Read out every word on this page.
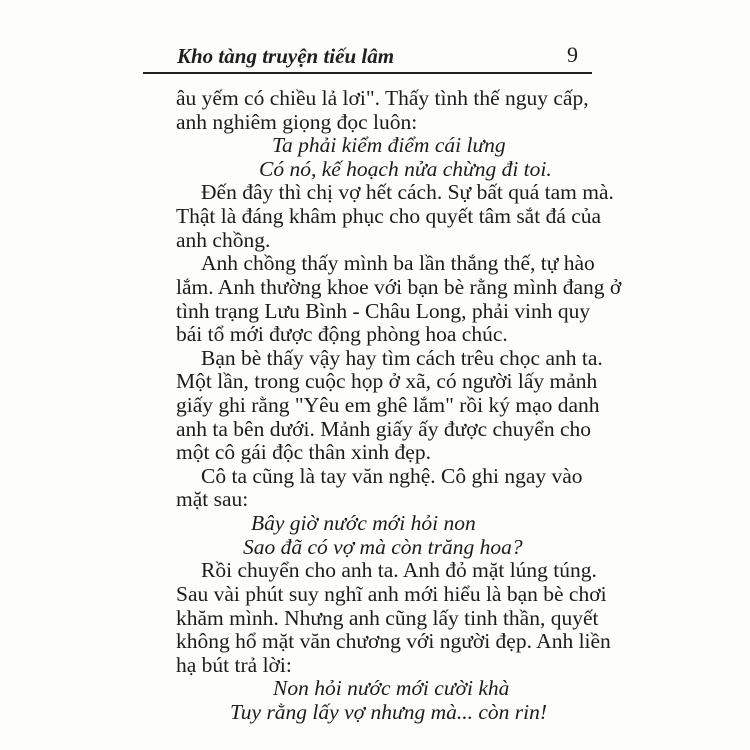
Kho tàng truyện tiếu lâm	9
âu yếm có chiều lả lơi". Thấy tình thế nguy cấp,
anh nghiêm giọng đọc luôn:
Ta phải kiểm điểm cái lưng
Có nó, kế hoạch nửa chừng đi toi.
Đến đây thì chị vợ hết cách. Sự bất quá tam mà.
Thật là đáng khâm phục cho quyết tâm sắt đá của
anh chồng.
Anh chồng thấy mình ba lần thắng thế, tự hào
lắm. Anh thường khoe với bạn bè rằng mình đang ở
tình trạng Lưu Bình - Châu Long, phải vinh quy
bái tổ mới được động phòng hoa chúc.
Bạn bè thấy vậy hay tìm cách trêu chọc anh ta.
Một lần, trong cuộc họp ở xã, có người lấy mảnh
giấy ghi rằng "Yêu em ghê lắm" rồi ký mạo danh
anh ta bên dưới. Mảnh giấy ấy được chuyển cho
một cô gái độc thân xinh đẹp.
Cô ta cũng là tay văn nghệ. Cô ghi ngay vào
mặt sau:
Bây giờ nước mới hỏi non
Sao đã có vợ mà còn trăng hoa?
Rồi chuyển cho anh ta. Anh đỏ mặt lúng túng.
Sau vài phút suy nghĩ anh mới hiểu là bạn bè chơi
khăm mình. Nhưng anh cũng lấy tinh thần, quyết
không hổ mặt văn chương với người đẹp. Anh liền
hạ bút trả lời:
Non hỏi nước mới cười khà
Tuy rằng lấy vợ nhưng mà... còn rin!
